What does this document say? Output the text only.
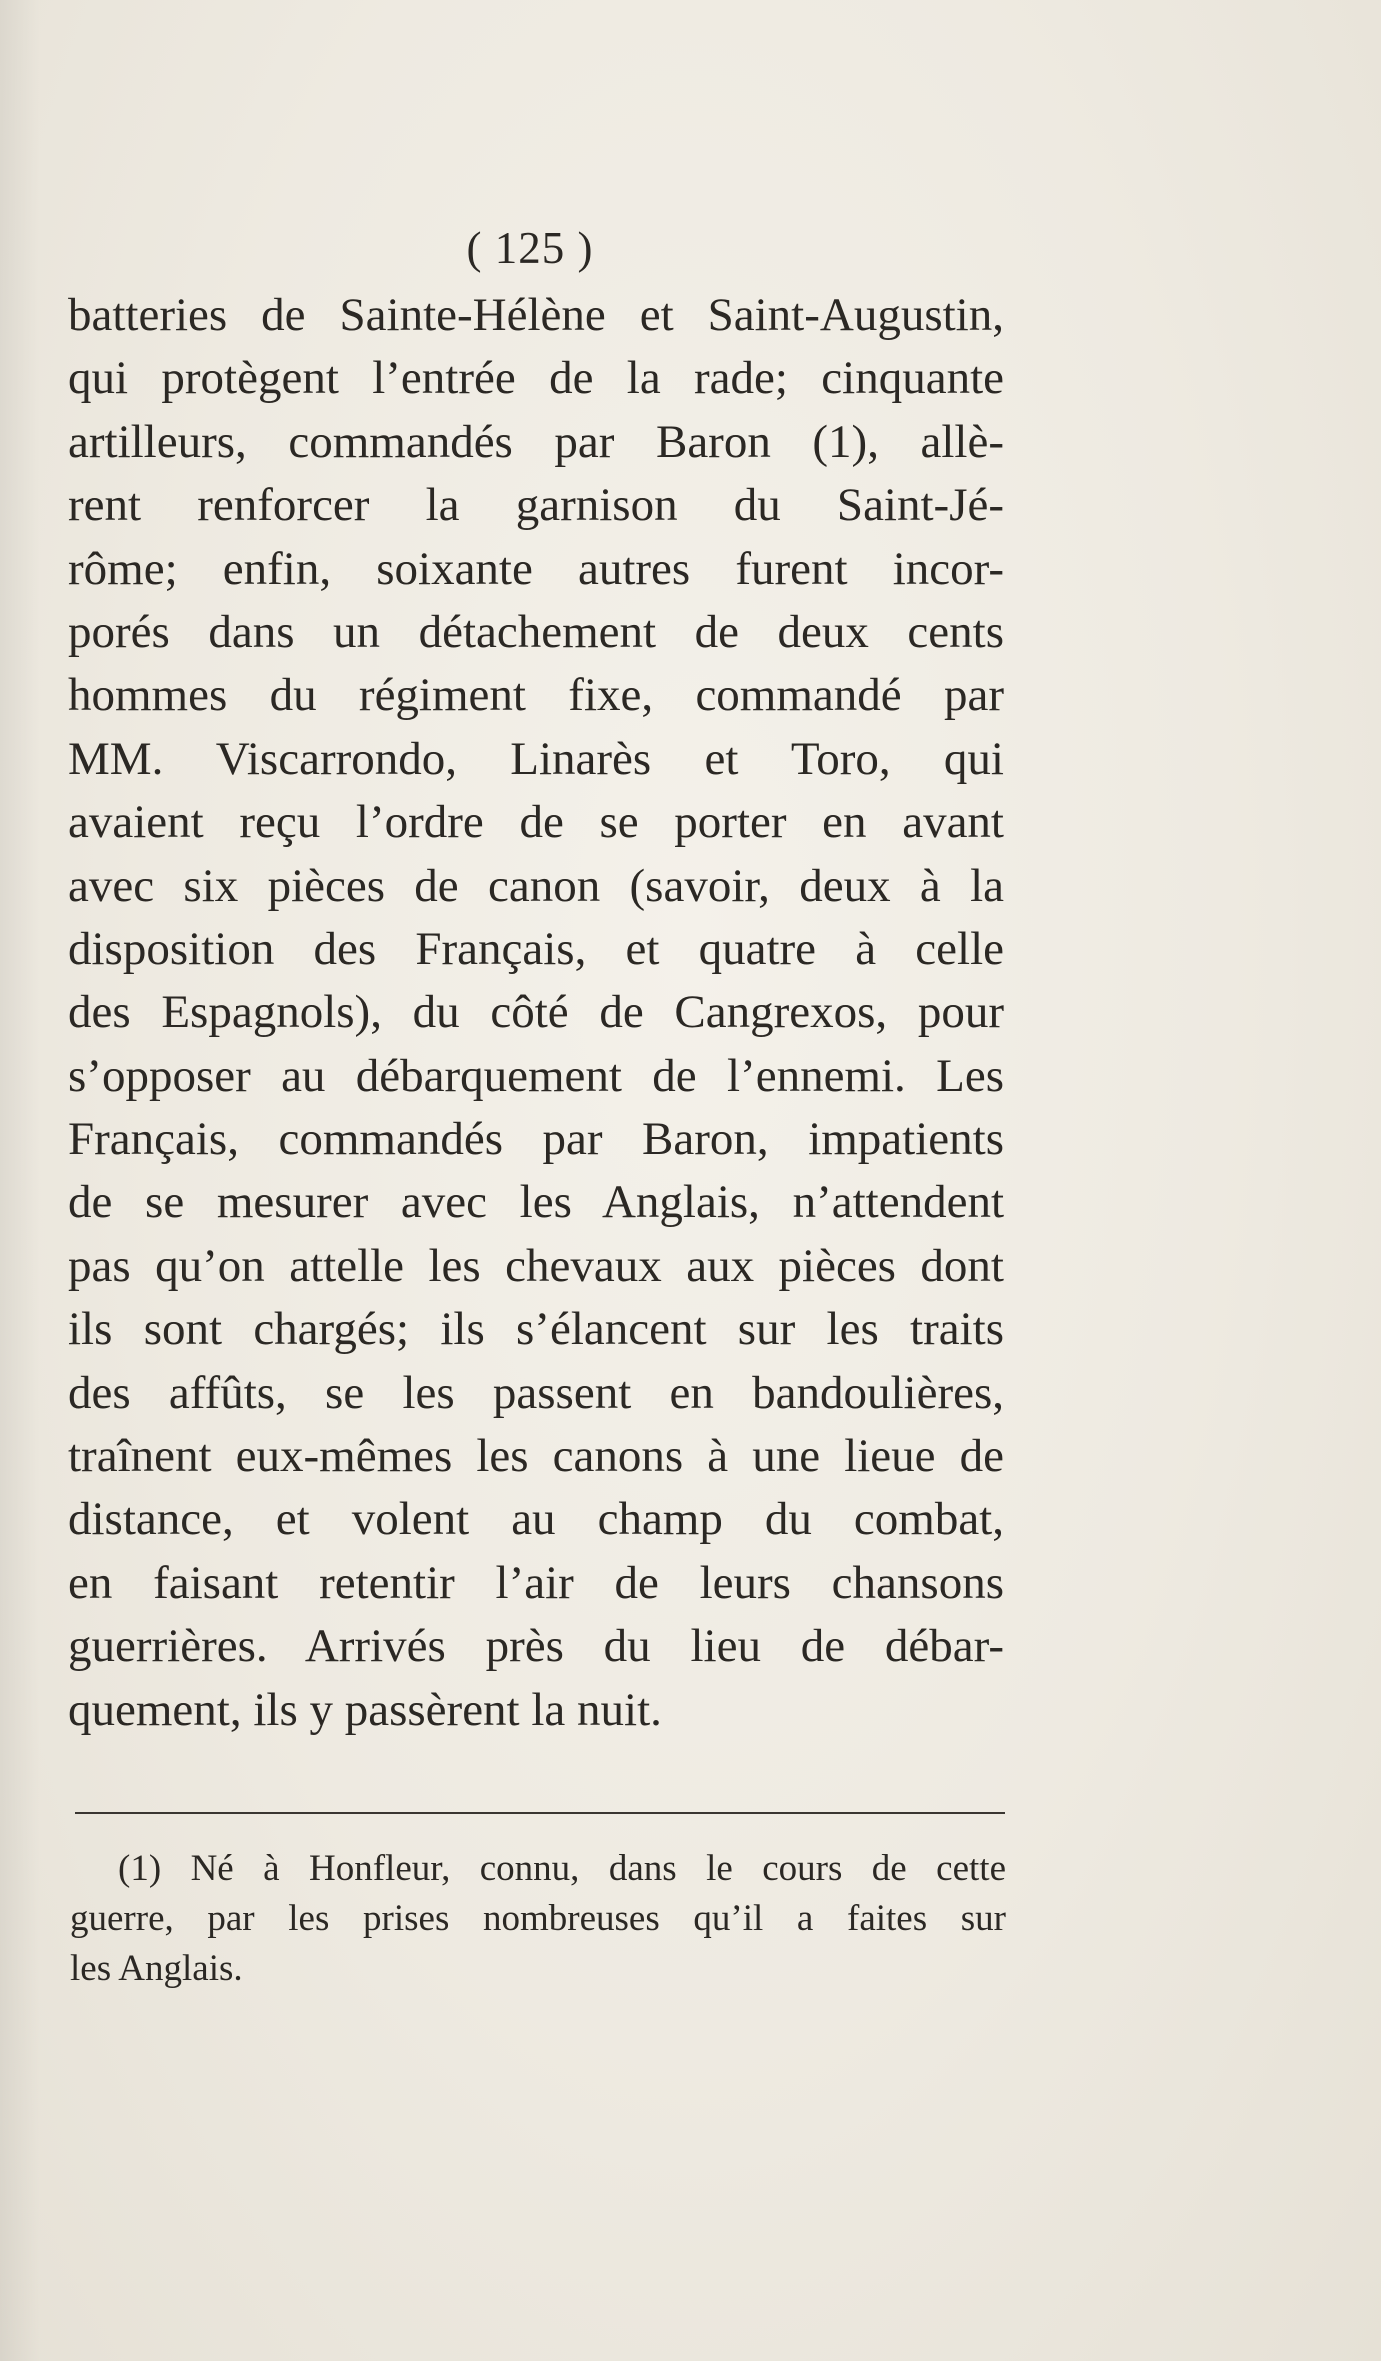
( 125 )
batteries de Sainte-Hélène et Saint-Augustin,
qui protègent l’entrée de la rade; cinquante
artilleurs, commandés par Baron (1), allè-
rent renforcer la garnison du Saint-Jé-
rôme; enfin, soixante autres furent incor-
porés dans un détachement de deux cents
hommes du régiment fixe, commandé par
MM. Viscarrondo, Linarès et Toro, qui
avaient reçu l’ordre de se porter en avant
avec six pièces de canon (savoir, deux à la
disposition des Français, et quatre à celle
des Espagnols), du côté de Cangrexos, pour
s’opposer au débarquement de l’ennemi. Les
Français, commandés par Baron, impatients
de se mesurer avec les Anglais, n’attendent
pas qu’on attelle les chevaux aux pièces dont
ils sont chargés; ils s’élancent sur les traits
des affûts, se les passent en bandoulières,
traînent eux-mêmes les canons à une lieue de
distance, et volent au champ du combat,
en faisant retentir l’air de leurs chansons
guerrières. Arrivés près du lieu de débar-
quement, ils y passèrent la nuit.
(1) Né à Honfleur, connu, dans le cours de cette
guerre, par les prises nombreuses qu’il a faites sur
les Anglais.
